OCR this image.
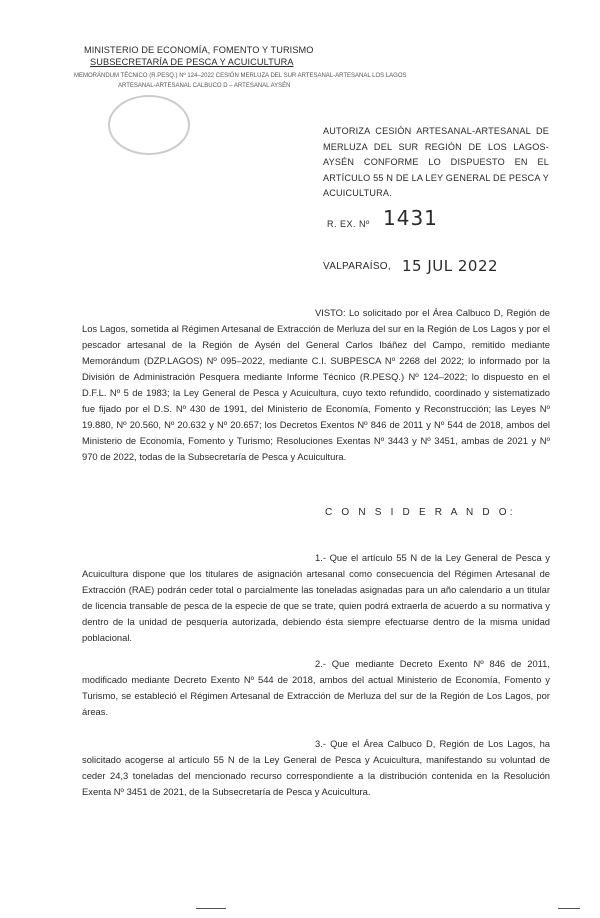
MINISTERIO DE ECONOMÍA, FOMENTO Y TURISMO
SUBSECRETARÍA DE PESCA Y ACUICULTURA
MEMORÁNDUM TÉCNICO (R.PESQ.) Nº 124–2022 CESIÓN MERLUZA DEL SUR ARTESANAL-ARTESANAL LOS LAGOS
ARTESANAL-ARTESANAL CALBUCO D – ARTESANAL AYSÉN
AUTORIZA CESIÓN ARTESANAL-ARTESANAL DE MERLUZA DEL SUR REGIÓN DE LOS LAGOS-AYSÉN CONFORME LO DISPUESTO EN EL ARTÍCULO 55 N DE LA LEY GENERAL DE PESCA Y ACUICULTURA.
R. EX. Nº 1431
VALPARAÍSO, 15 JUL 2022

VISTO: Lo solicitado por el Área Calbuco D, Región de Los Lagos, sometida al Régimen Artesanal de Extracción de Merluza del sur en la Región de Los Lagos y por el pescador artesanal de la Región de Aysén del General Carlos Ibáñez del Campo, remitido mediante Memorándum (DZP.LAGOS) Nº 095–2022, mediante C.I. SUBPESCA Nº 2268 del 2022; lo informado por la División de Administración Pesquera mediante Informe Técnico (R.PESQ.) Nº 124–2022; lo dispuesto en el D.F.L. Nº 5 de 1983; la Ley General de Pesca y Acuicultura, cuyo texto refundido, coordinado y sistematizado fue fijado por el D.S. Nº 430 de 1991, del Ministerio de Economía, Fomento y Reconstrucción; las Leyes Nº 19.880, Nº 20.560, Nº 20.632 y Nº 20.657; los Decretos Exentos Nº 846 de 2011 y Nº 544 de 2018, ambos del Ministerio de Economía, Fomento y Turismo; Resoluciones Exentas Nº 3443 y Nº 3451, ambas de 2021 y Nº 970 de 2022, todas de la Subsecretaría de Pesca y Acuicultura.

C O N S I D E R A N D O:

1.- Que el artículo 55 N de la Ley General de Pesca y Acuicultura dispone que los titulares de asignación artesanal como consecuencia del Régimen Artesanal de Extracción (RAE) podrán ceder total o parcialmente las toneladas asignadas para un año calendario a un titular de licencia transable de pesca de la especie de que se trate, quien podrá extraerla de acuerdo a su normativa y dentro de la unidad de pesquería autorizada, debiendo ésta siempre efectuarse dentro de la misma unidad poblacional.

2.- Que mediante Decreto Exento Nº 846 de 2011, modificado mediante Decreto Exento Nº 544 de 2018, ambos del actual Ministerio de Economía, Fomento y Turismo, se estableció el Régimen Artesanal de Extracción de Merluza del sur de la Región de Los Lagos, por áreas.

3.- Que el Área Calbuco D, Región de Los Lagos, ha solicitado acogerse al artículo 55 N de la Ley General de Pesca y Acuicultura, manifestando su voluntad de ceder 24,3 toneladas del mencionado recurso correspondiente a la distribución contenida en la Resolución Exenta Nº 3451 de 2021, de la Subsecretaría de Pesca y Acuicultura.
